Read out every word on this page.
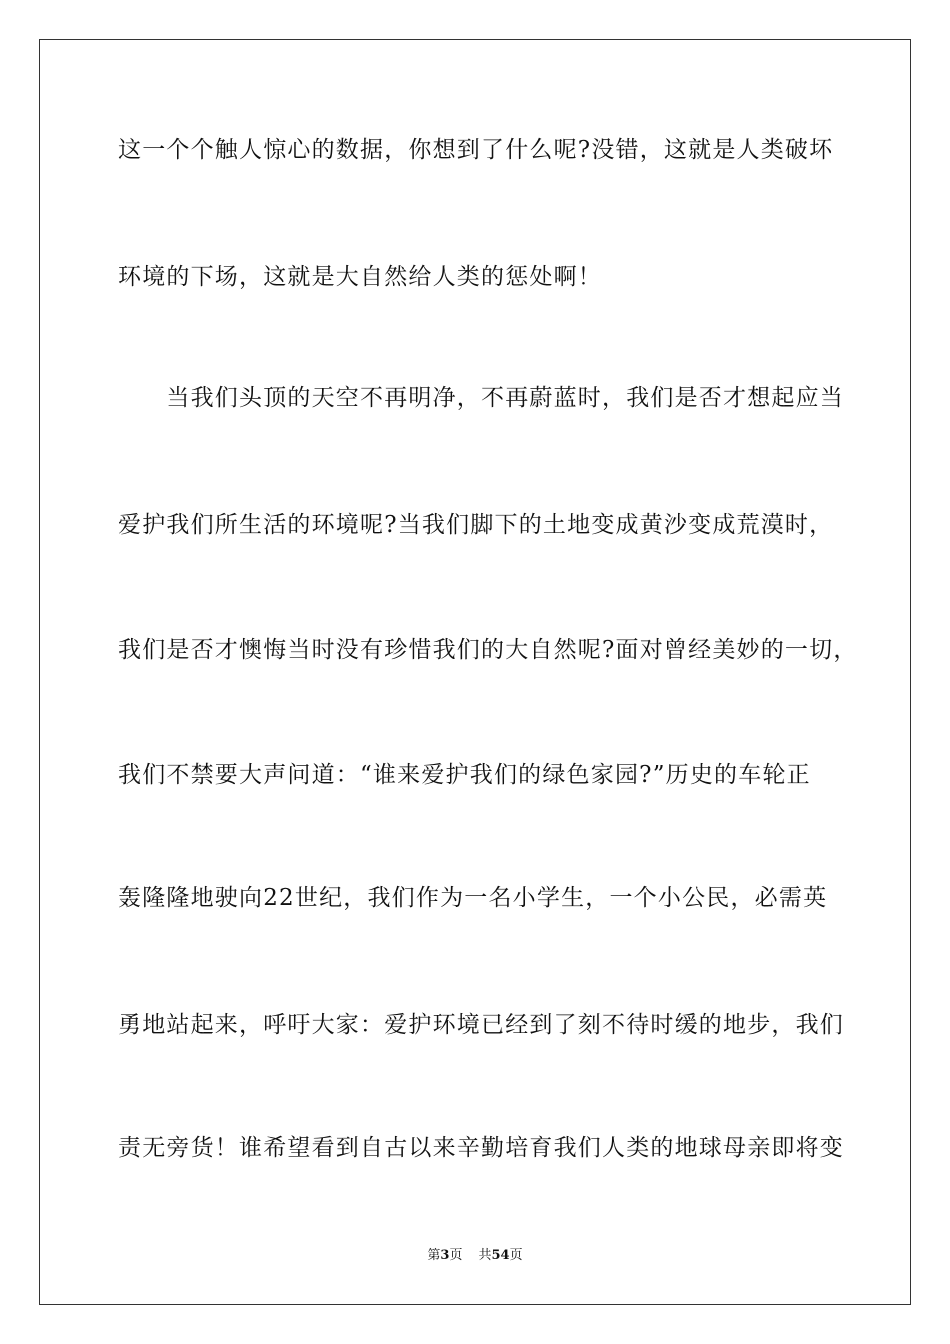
这一个个触人惊心的数据，你想到了什么呢?没错，这就是人类破坏
环境的下场，这就是大自然给人类的惩处啊！
　　当我们头顶的天空不再明净，不再蔚蓝时，我们是否才想起应当
爱护我们所生活的环境呢?当我们脚下的土地变成黄沙变成荒漠时，
我们是否才懊悔当时没有珍惜我们的大自然呢?面对曾经美妙的一切，
我们不禁要大声问道：“谁来爱护我们的绿色家园?”历史的车轮正
轰隆隆地驶向22世纪，我们作为一名小学生，一个小公民，必需英
勇地站起来，呼吁大家：爱护环境已经到了刻不待时缓的地步，我们
责无旁货！谁希望看到自古以来辛勤培育我们人类的地球母亲即将变
第3页 共54页
